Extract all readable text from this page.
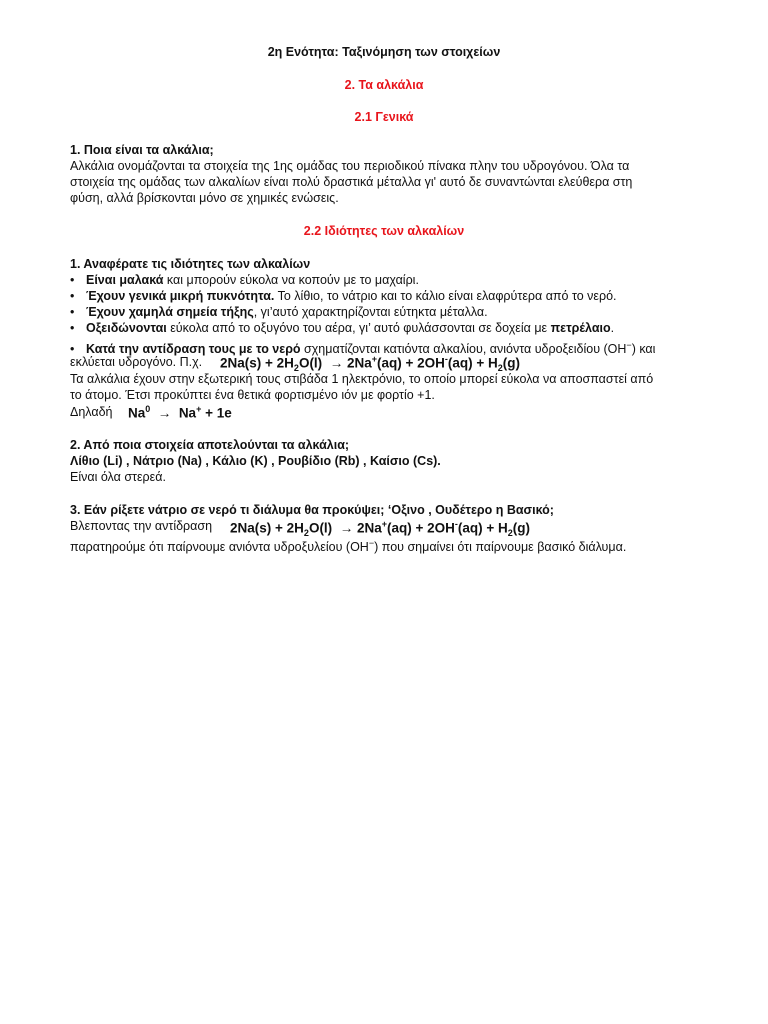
2η Ενότητα: Ταξινόμηση των στοιχείων
2. Τα αλκάλια
2.1 Γενικά
1. Ποια είναι τα αλκάλια;
Αλκάλια ονομάζονται τα στοιχεία της 1ης ομάδας του περιοδικού πίνακα πλην του υδρογόνου. Όλα τα
στοιχεία της ομάδας των αλκαλίων είναι πολύ δραστικά μέταλλα γι' αυτό δε συναντώνται ελεύθερα στη
φύση, αλλά βρίσκονται μόνο σε χημικές ενώσεις.
2.2 Ιδιότητες των αλκαλίων
1. Αναφέρατε τις ιδιότητες των αλκαλίων
• Είναι μαλακά και μπορούν εύκολα να κοπούν με το μαχαίρι.
• Έχουν γενικά μικρή πυκνότητα. Το λίθιο, το νάτριο και το κάλιο είναι ελαφρύτερα από το νερό.
• Έχουν χαμηλά σημεία τήξης, γι’αυτό χαρακτηρίζονται εύτηκτα μέταλλα.
• Οξειδώνονται εύκολα από το οξυγόνο του αέρα, γι’ αυτό φυλάσσονται σε δοχεία με πετρέλαιο.
• Κατά την αντίδραση τους με το νερό σχηματίζονται κατιόντα αλκαλίου, ανιόντα υδροξειδίου (OH−) και
εκλύεται υδρογόνο. Π.χ. $2Na(s) + 2H_2O(l) \to 2Na^+(aq) + 2OH^-(aq) + H_2(g)$
Τα αλκάλια έχουν στην εξωτερική τους στιβάδα 1 ηλεκτρόνιο, το οποίο μπορεί εύκολα να αποσπαστεί από
το άτομο. Έτσι προκύπτει ένα θετικά φορτισμένο ιόν με φορτίο +1.
Δηλαδή $Na^0 \to Na^+ + 1e$
2. Από ποια στοιχεία αποτελούνται τα αλκάλια;
Λίθιο (Li) , Νάτριο (Na) , Κάλιο (K) , Ρουβίδιο (Rb) , Καίσιο (Cs).
Είναι όλα στερεά.
3. Εάν ρίξετε νάτριο σε νερό τι διάλυμα θα προκύψει; ‘Οξινο , Ουδέτερο η Βασικό;
Βλεποντας την αντίδραση $2Na(s) + 2H_2O(l) \to 2Na^+(aq) + 2OH^-(aq) + H_2(g)$
παρατηρούμε ότι παίρνουμε ανιόντα υδροξυλείου (OH−) που σημαίνει ότι παίρνουμε βασικό διάλυμα.
